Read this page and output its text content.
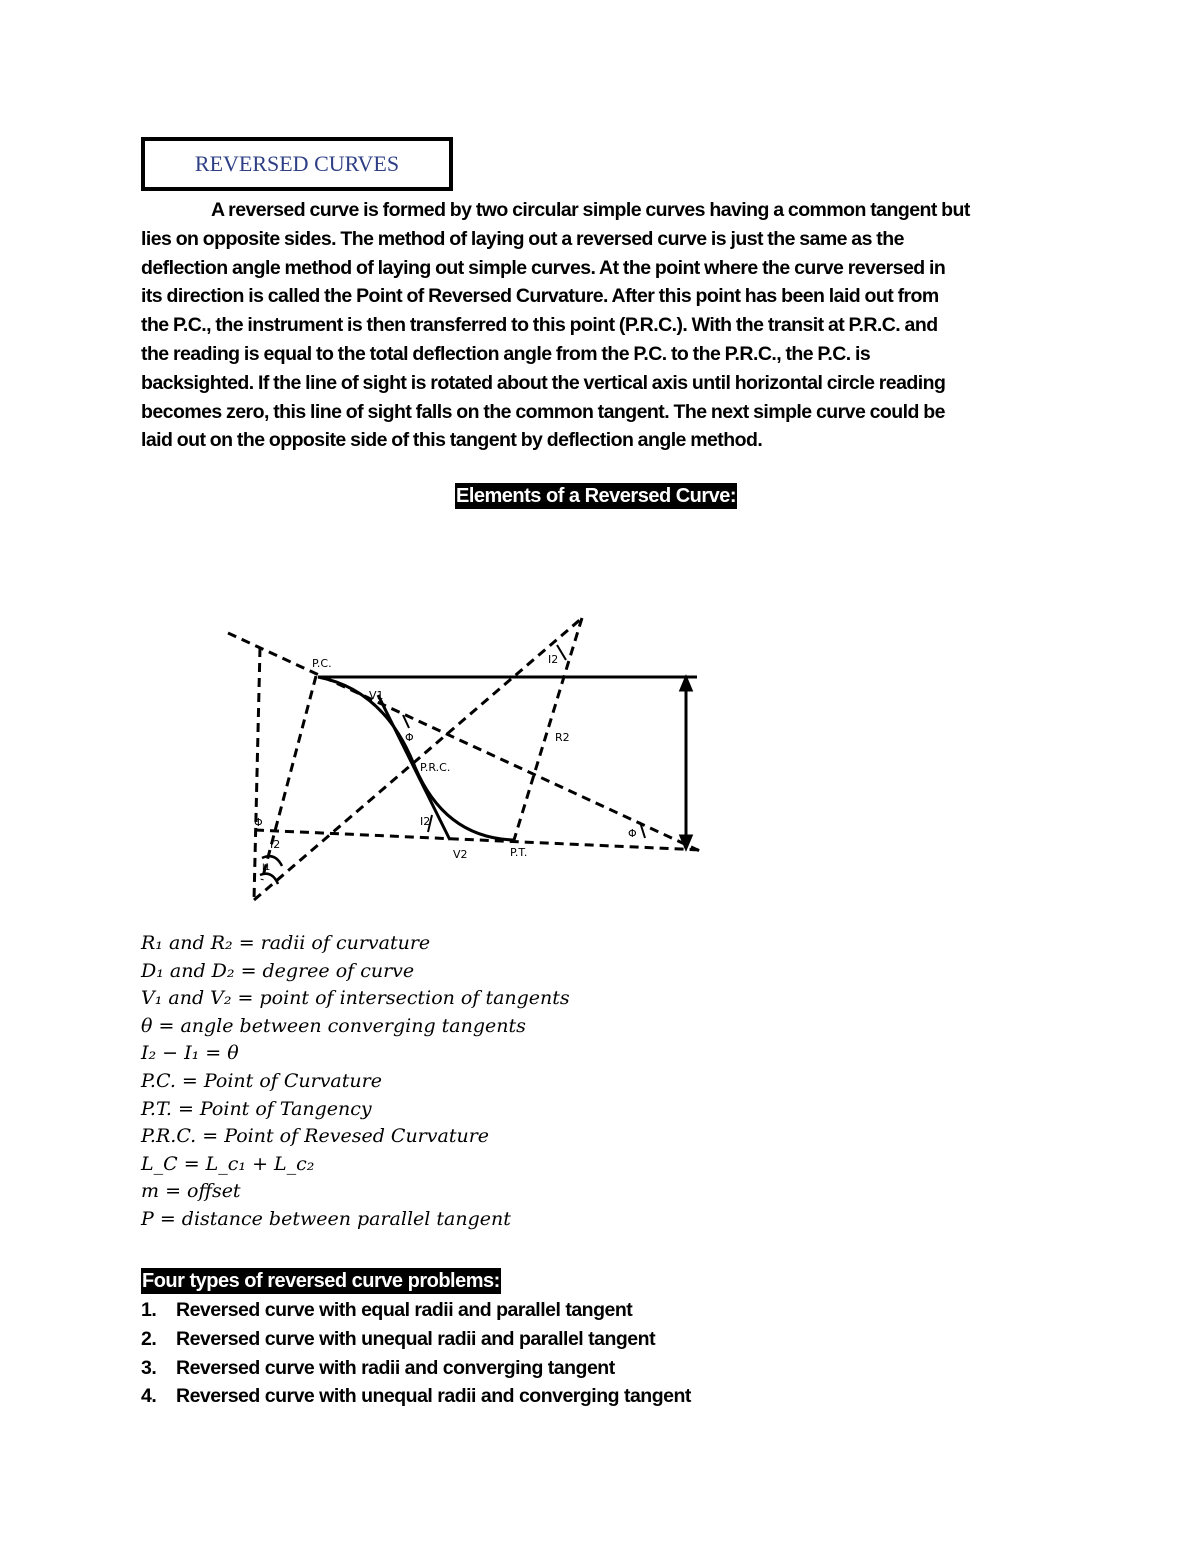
REVERSED CURVES
A reversed curve is formed by two circular simple curves having a common tangent but
lies on opposite sides. The method of laying out a reversed curve is just the same as the
deflection angle method of laying out simple curves. At the point where the curve reversed in
its direction is called the Point of Reversed Curvature. After this point has been laid out from
the P.C., the instrument is then transferred to this point (P.R.C.). With the transit at P.R.C. and
the reading is equal to the total deflection angle from the P.C. to the P.R.C., the P.C. is
backsighted. If the line of sight is rotated about the vertical axis until horizontal circle reading
becomes zero, this line of sight falls on the common tangent. The next simple curve could be
laid out on the opposite side of this tangent by deflection angle method.
Elements of a Reversed Curve:
P.C.
V1
Φ
P.R.C.
I2
R2
I2
V2	P.T.
Φ
Φ
I2
I1
R₁ and R₂ = radii of curvature
D₁ and D₂ = degree of curve
V₁ and V₂ = point of intersection of tangents
θ = angle between converging tangents
I₂ − I₁ = θ
P.C. = Point of Curvature
P.T. = Point of Tangency
P.R.C. = Point of Revesed Curvature
L_C = L_c₁ + L_c₂
m = offset
P = distance between parallel tangent
Four types of reversed curve problems:
1. Reversed curve with equal radii and parallel tangent
2. Reversed curve with unequal radii and parallel tangent
3. Reversed curve with radii and converging tangent
4. Reversed curve with unequal radii and converging tangent
